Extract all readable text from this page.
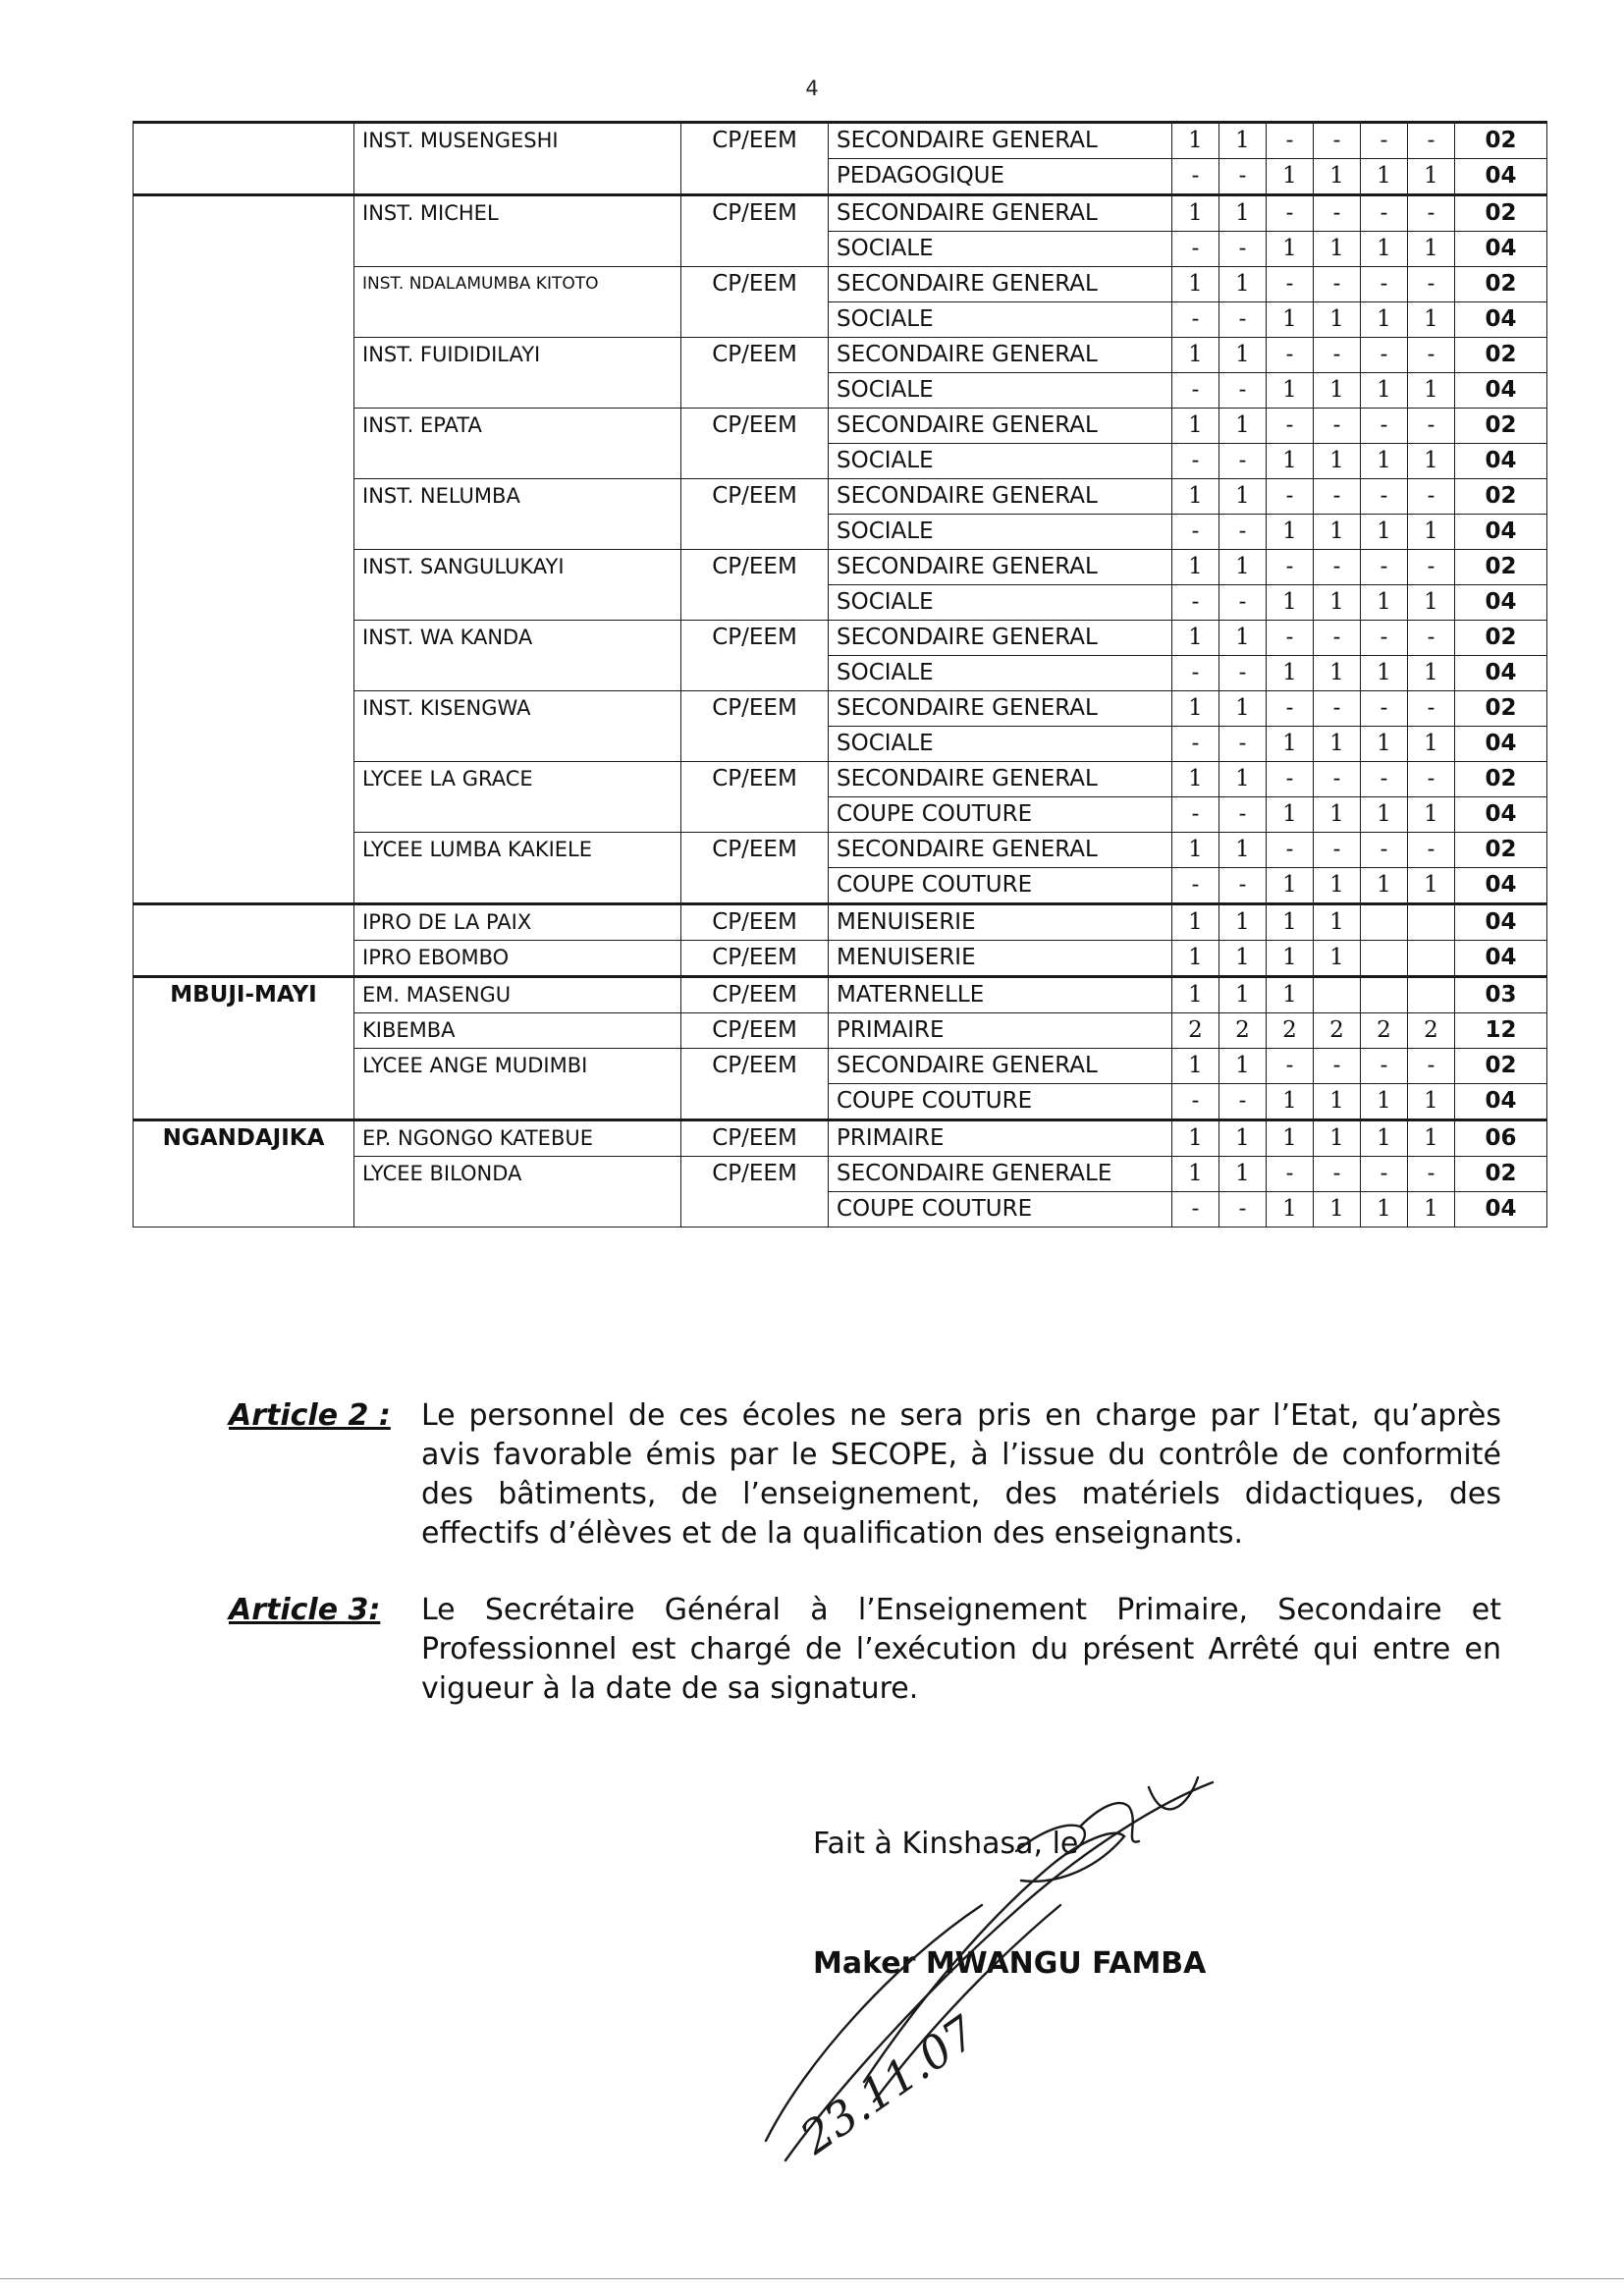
4
	INST. MUSENGESHI	CP/EEM	SECONDAIRE GENERAL	1	1	-	-	-	-	02
			PEDAGOGIQUE	-	-	1	1	1	1	04
	INST. MICHEL	CP/EEM	SECONDAIRE GENERAL	1	1	-	-	-	-	02
			SOCIALE	-	-	1	1	1	1	04
	INST. NDALAMUMBA KITOTO	CP/EEM	SECONDAIRE GENERAL	1	1	-	-	-	-	02
			SOCIALE	-	-	1	1	1	1	04
	INST. FUIDIDILAYI	CP/EEM	SECONDAIRE GENERAL	1	1	-	-	-	-	02
			SOCIALE	-	-	1	1	1	1	04
	INST. EPATA	CP/EEM	SECONDAIRE GENERAL	1	1	-	-	-	-	02
			SOCIALE	-	-	1	1	1	1	04
	INST. NELUMBA	CP/EEM	SECONDAIRE GENERAL	1	1	-	-	-	-	02
			SOCIALE	-	-	1	1	1	1	04
	INST. SANGULUKAYI	CP/EEM	SECONDAIRE GENERAL	1	1	-	-	-	-	02
			SOCIALE	-	-	1	1	1	1	04
	INST. WA KANDA	CP/EEM	SECONDAIRE GENERAL	1	1	-	-	-	-	02
			SOCIALE	-	-	1	1	1	1	04
	INST. KISENGWA	CP/EEM	SECONDAIRE GENERAL	1	1	-	-	-	-	02
			SOCIALE	-	-	1	1	1	1	04
	LYCEE LA GRACE	CP/EEM	SECONDAIRE GENERAL	1	1	-	-	-	-	02
			COUPE COUTURE	-	-	1	1	1	1	04
	LYCEE LUMBA KAKIELE	CP/EEM	SECONDAIRE GENERAL	1	1	-	-	-	-	02
			COUPE COUTURE	-	-	1	1	1	1	04
	IPRO DE LA PAIX	CP/EEM	MENUISERIE	1	1	1	1			04
	IPRO EBOMBO	CP/EEM	MENUISERIE	1	1	1	1			04
MBUJI-MAYI	EM. MASENGU	CP/EEM	MATERNELLE	1	1	1				03
	KIBEMBA	CP/EEM	PRIMAIRE	2	2	2	2	2	2	12
	LYCEE ANGE MUDIMBI	CP/EEM	SECONDAIRE GENERAL	1	1	-	-	-	-	02
			COUPE COUTURE	-	-	1	1	1	1	04
NGANDAJIKA	EP. NGONGO KATEBUE	CP/EEM	PRIMAIRE	1	1	1	1	1	1	06
	LYCEE BILONDA	CP/EEM	SECONDAIRE GENERALE	1	1	-	-	-	-	02
			COUPE COUTURE	-	-	1	1	1	1	04
Article 2 : Le personnel de ces écoles ne sera pris en charge par l’Etat, qu’après avis favorable émis par le SECOPE, à l’issue du contrôle de conformité des bâtiments, de l’enseignement, des matériels didactiques, des effectifs d’élèves et de la qualification des enseignants.
Article 3: Le Secrétaire Général à l’Enseignement Primaire, Secondaire et Professionnel est chargé de l’exécution du présent Arrêté qui entre en vigueur à la date de sa signature.
Fait à Kinshasa, le
Maker MWANGU FAMBA
23.11.07
